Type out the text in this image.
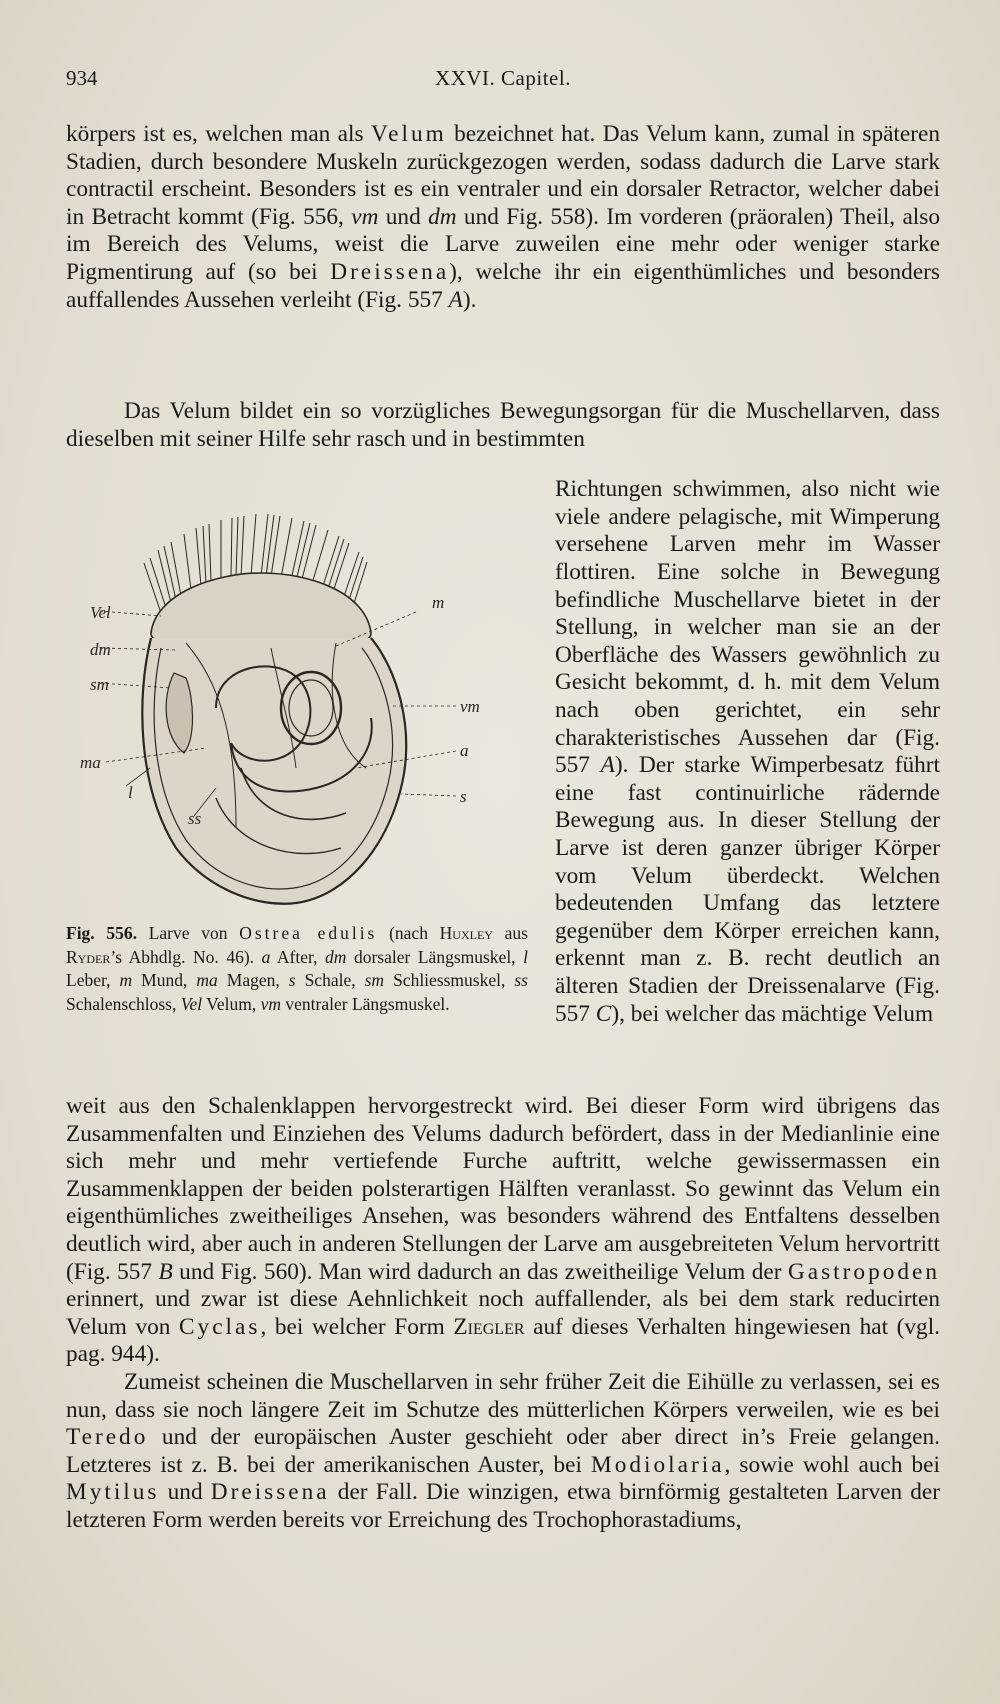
934	XXVI. Capitel.

körpers ist es, welchen man als Velum bezeichnet hat. Das Velum kann, zumal in späteren Stadien, durch besondere Muskeln zurückgezogen werden, sodass dadurch die Larve stark contractil erscheint. Besonders ist es ein ventraler und ein dorsaler Retractor, welcher dabei in Betracht kommt (Fig. 556, vm und dm und Fig. 558). Im vorderen (präoralen) Theil, also im Bereich des Velums, weist die Larve zuweilen eine mehr oder weniger starke Pigmentirung auf (so bei Dreissena), welche ihr ein eigenthümliches und besonders auffallendes Aussehen verleiht (Fig. 557 A).

Das Velum bildet ein so vorzügliches Bewegungsorgan für die Muschellarven, dass dieselben mit seiner Hilfe sehr rasch und in bestimmten

Richtungen schwimmen, also nicht wie viele andere pelagische, mit Wimperung versehene Larven mehr im Wasser flottiren. Eine solche in Bewegung befindliche Muschellarve bietet in der Stellung, in welcher man sie an der Oberfläche des Wassers gewöhnlich zu Gesicht bekommt, d. h. mit dem Velum nach oben gerichtet, ein sehr charakteristisches Aussehen dar (Fig. 557 A). Der starke Wimperbesatz führt eine fast continuirliche rädernde Bewegung aus. In dieser Stellung der Larve ist deren ganzer übriger Körper vom Velum überdeckt. Welchen bedeutenden Umfang das letztere gegenüber dem Körper erreichen kann, erkennt man z. B. recht deutlich an älteren Stadien der Dreissenalarve (Fig. 557 C), bei welcher das mächtige Velum

Vel
dm
sm
ma
l
ss
m
vm
a
s

Fig. 556. Larve von Ostrea edulis (nach Huxley aus Ryder’s Abhdlg. No. 46). a After, dm dorsaler Längsmuskel, l Leber, m Mund, ma Magen, s Schale, sm Schliessmuskel, ss Schalenschloss, Vel Velum, vm ventraler Längsmuskel.

weit aus den Schalenklappen hervorgestreckt wird. Bei dieser Form wird übrigens das Zusammenfalten und Einziehen des Velums dadurch befördert, dass in der Medianlinie eine sich mehr und mehr vertiefende Furche auftritt, welche gewissermassen ein Zusammenklappen der beiden polsterartigen Hälften veranlasst. So gewinnt das Velum ein eigenthümliches zweitheiliges Ansehen, was besonders während des Entfaltens desselben deutlich wird, aber auch in anderen Stellungen der Larve am ausgebreiteten Velum hervortritt (Fig. 557 B und Fig. 560). Man wird dadurch an das zweitheilige Velum der Gastropoden erinnert, und zwar ist diese Aehnlichkeit noch auffallender, als bei dem stark reducirten Velum von Cyclas, bei welcher Form Ziegler auf dieses Verhalten hingewiesen hat (vgl. pag. 944).

Zumeist scheinen die Muschellarven in sehr früher Zeit die Eihülle zu verlassen, sei es nun, dass sie noch längere Zeit im Schutze des mütterlichen Körpers verweilen, wie es bei Teredo und der europäischen Auster geschieht oder aber direct in’s Freie gelangen. Letzteres ist z. B. bei der amerikanischen Auster, bei Modiolaria, sowie wohl auch bei Mytilus und Dreissena der Fall. Die winzigen, etwa birnförmig gestalteten Larven der letzteren Form werden bereits vor Erreichung des Trochophorastadiums,
